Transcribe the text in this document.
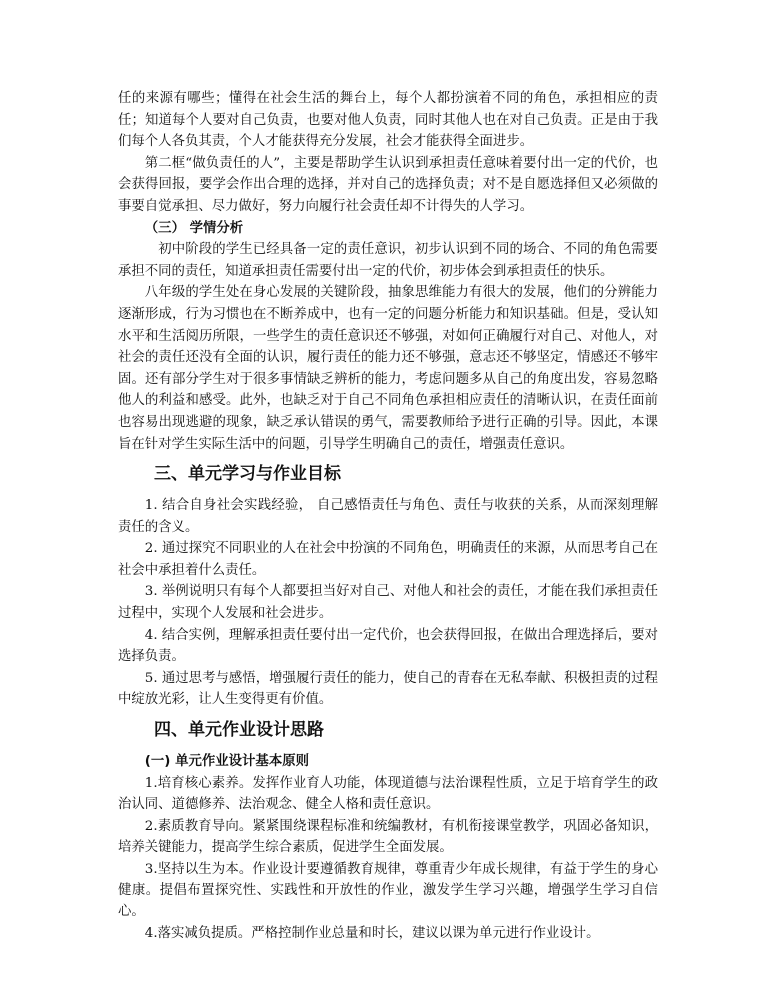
任的来源有哪些；懂得在社会生活的舞台上，每个人都扮演着不同的角色，承担相应的责任；知道每个人要对自己负责，也要对他人负责，同时其他人也在对自己负责。正是由于我们每个人各负其责，个人才能获得充分发展，社会才能获得全面进步。

第二框“做负责任的人”，主要是帮助学生认识到承担责任意味着要付出一定的代价，也会获得回报，要学会作出合理的选择，并对自己的选择负责；对不是自愿选择但又必须做的事要自觉承担、尽力做好，努力向履行社会责任却不计得失的人学习。

（三） 学情分析

初中阶段的学生已经具备一定的责任意识，初步认识到不同的场合、不同的角色需要承担不同的责任，知道承担责任需要付出一定的代价，初步体会到承担责任的快乐。

八年级的学生处在身心发展的关键阶段，抽象思维能力有很大的发展，他们的分辨能力逐渐形成，行为习惯也在不断养成中，也有一定的问题分析能力和知识基础。但是，受认知水平和生活阅历所限，一些学生的责任意识还不够强，对如何正确履行对自己、对他人，对社会的责任还没有全面的认识，履行责任的能力还不够强，意志还不够坚定，情感还不够牢固。还有部分学生对于很多事情缺乏辨析的能力，考虑问题多从自己的角度出发，容易忽略他人的利益和感受。此外，也缺乏对于自己不同角色承担相应责任的清晰认识，在责任面前也容易出现逃避的现象，缺乏承认错误的勇气，需要教师给予进行正确的引导。因此，本课旨在针对学生实际生活中的问题，引导学生明确自己的责任，增强责任意识。

三、单元学习与作业目标

1. 结合自身社会实践经验， 自己感悟责任与角色、责任与收获的关系，从而深刻理解责任的含义。

2. 通过探究不同职业的人在社会中扮演的不同角色，明确责任的来源，从而思考自己在社会中承担着什么责任。

3. 举例说明只有每个人都要担当好对自己、对他人和社会的责任，才能在我们承担责任过程中，实现个人发展和社会进步。

4. 结合实例，理解承担责任要付出一定代价，也会获得回报，在做出合理选择后，要对选择负责。

5. 通过思考与感悟，增强履行责任的能力，使自己的青春在无私奉献、积极担责的过程中绽放光彩，让人生变得更有价值。

四、单元作业设计思路

(一) 单元作业设计基本原则

1.培育核心素养。发挥作业育人功能，体现道德与法治课程性质，立足于培育学生的政治认同、道德修养、法治观念、健全人格和责任意识。

2.素质教育导向。紧紧围绕课程标准和统编教材，有机衔接课堂教学，巩固必备知识，培养关键能力，提高学生综合素质，促进学生全面发展。

3.坚持以生为本。作业设计要遵循教育规律，尊重青少年成长规律，有益于学生的身心健康。提倡布置探究性、实践性和开放性的作业，激发学生学习兴趣，增强学生学习自信心。

4.落实减负提质。严格控制作业总量和时长，建议以课为单元进行作业设计。
